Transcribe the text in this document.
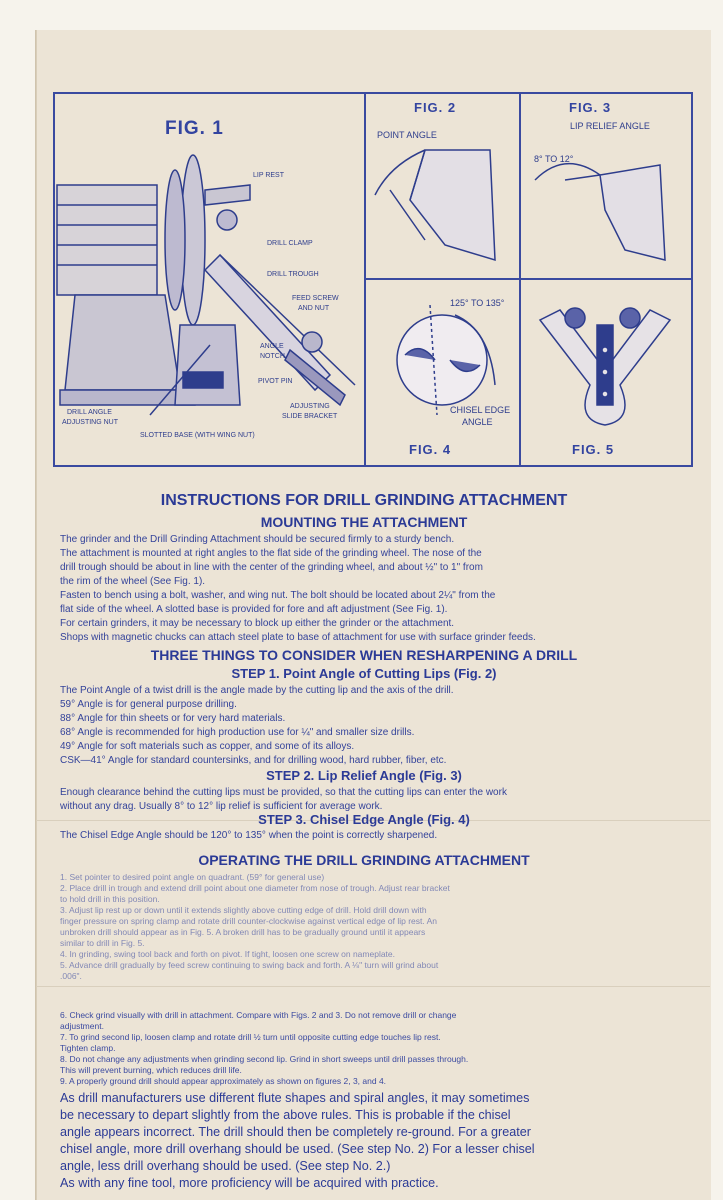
FIG. 1
LIP REST
DRILL CLAMP
DRILL TROUGH
FEED SCREW
AND NUT
ANGLE
NOTCH
PIVOT PIN
ADJUSTING
SLIDE BRACKET
DRILL ANGLE
ADJUSTING NUT
SLOTTED BASE (WITH WING NUT)
FIG. 2
POINT ANGLE
FIG. 3
LIP RELIEF ANGLE
8° TO 12°
125° TO 135°
CHISEL EDGE
ANGLE
FIG. 4	FIG. 5
INSTRUCTIONS FOR DRILL GRINDING ATTACHMENT
MOUNTING THE ATTACHMENT
The grinder and the Drill Grinding Attachment should be secured firmly to a sturdy bench.
The attachment is mounted at right angles to the flat side of the grinding wheel. The nose of the
drill trough should be about in line with the center of the grinding wheel, and about ½" to 1" from
the rim of the wheel (See Fig. 1).
Fasten to bench using a bolt, washer, and wing nut. The bolt should be located about 2¼" from the
flat side of the wheel. A slotted base is provided for fore and aft adjustment (See Fig. 1).
For certain grinders, it may be necessary to block up either the grinder or the attachment.
Shops with magnetic chucks can attach steel plate to base of attachment for use with surface grinder feeds.
THREE THINGS TO CONSIDER WHEN RESHARPENING A DRILL
STEP 1. Point Angle of Cutting Lips (Fig. 2)
The Point Angle of a twist drill is the angle made by the cutting lip and the axis of the drill.
59° Angle is for general purpose drilling.
88° Angle for thin sheets or for very hard materials.
68° Angle is recommended for high production use for ¼" and smaller size drills.
49° Angle for soft materials such as copper, and some of its alloys.
CSK—41° Angle for standard countersinks, and for drilling wood, hard rubber, fiber, etc.
STEP 2. Lip Relief Angle (Fig. 3)
Enough clearance behind the cutting lips must be provided, so that the cutting lips can enter the work
without any drag. Usually 8° to 12° lip relief is sufficient for average work.
STEP 3. Chisel Edge Angle (Fig. 4)
The Chisel Edge Angle should be 120° to 135° when the point is correctly sharpened.
OPERATING THE DRILL GRINDING ATTACHMENT
1. Set pointer to desired point angle on quadrant. (59° for general use)
2. Place drill in trough and extend drill point about one diameter from nose of trough. Adjust rear bracket
to hold drill in this position.
3. Adjust lip rest up or down until it extends slightly above cutting edge of drill. Hold drill down with
finger pressure on spring clamp and rotate drill counter-clockwise against vertical edge of lip rest. An
unbroken drill should appear as in Fig. 5. A broken drill has to be gradually ground until it appears
similar to drill in Fig. 5.
4. In grinding, swing tool back and forth on pivot. If tight, loosen one screw on nameplate.
5. Advance drill gradually by feed screw continuing to swing back and forth. A ⅛" turn will grind about
.006".
6. Check grind visually with drill in attachment. Compare with Figs. 2 and 3. Do not remove drill or change
adjustment.
7. To grind second lip, loosen clamp and rotate drill ½ turn until opposite cutting edge touches lip rest.
Tighten clamp.
8. Do not change any adjustments when grinding second lip. Grind in short sweeps until drill passes through.
This will prevent burning, which reduces drill life.
9. A properly ground drill should appear approximately as shown on figures 2, 3, and 4.
As drill manufacturers use different flute shapes and spiral angles, it may sometimes
be necessary to depart slightly from the above rules. This is probable if the chisel
angle appears incorrect. The drill should then be completely re-ground. For a greater
chisel angle, more drill overhang should be used. (See step No. 2) For a lesser chisel
angle, less drill overhang should be used. (See step No. 2.)
As with any fine tool, more proficiency will be acquired with practice.
